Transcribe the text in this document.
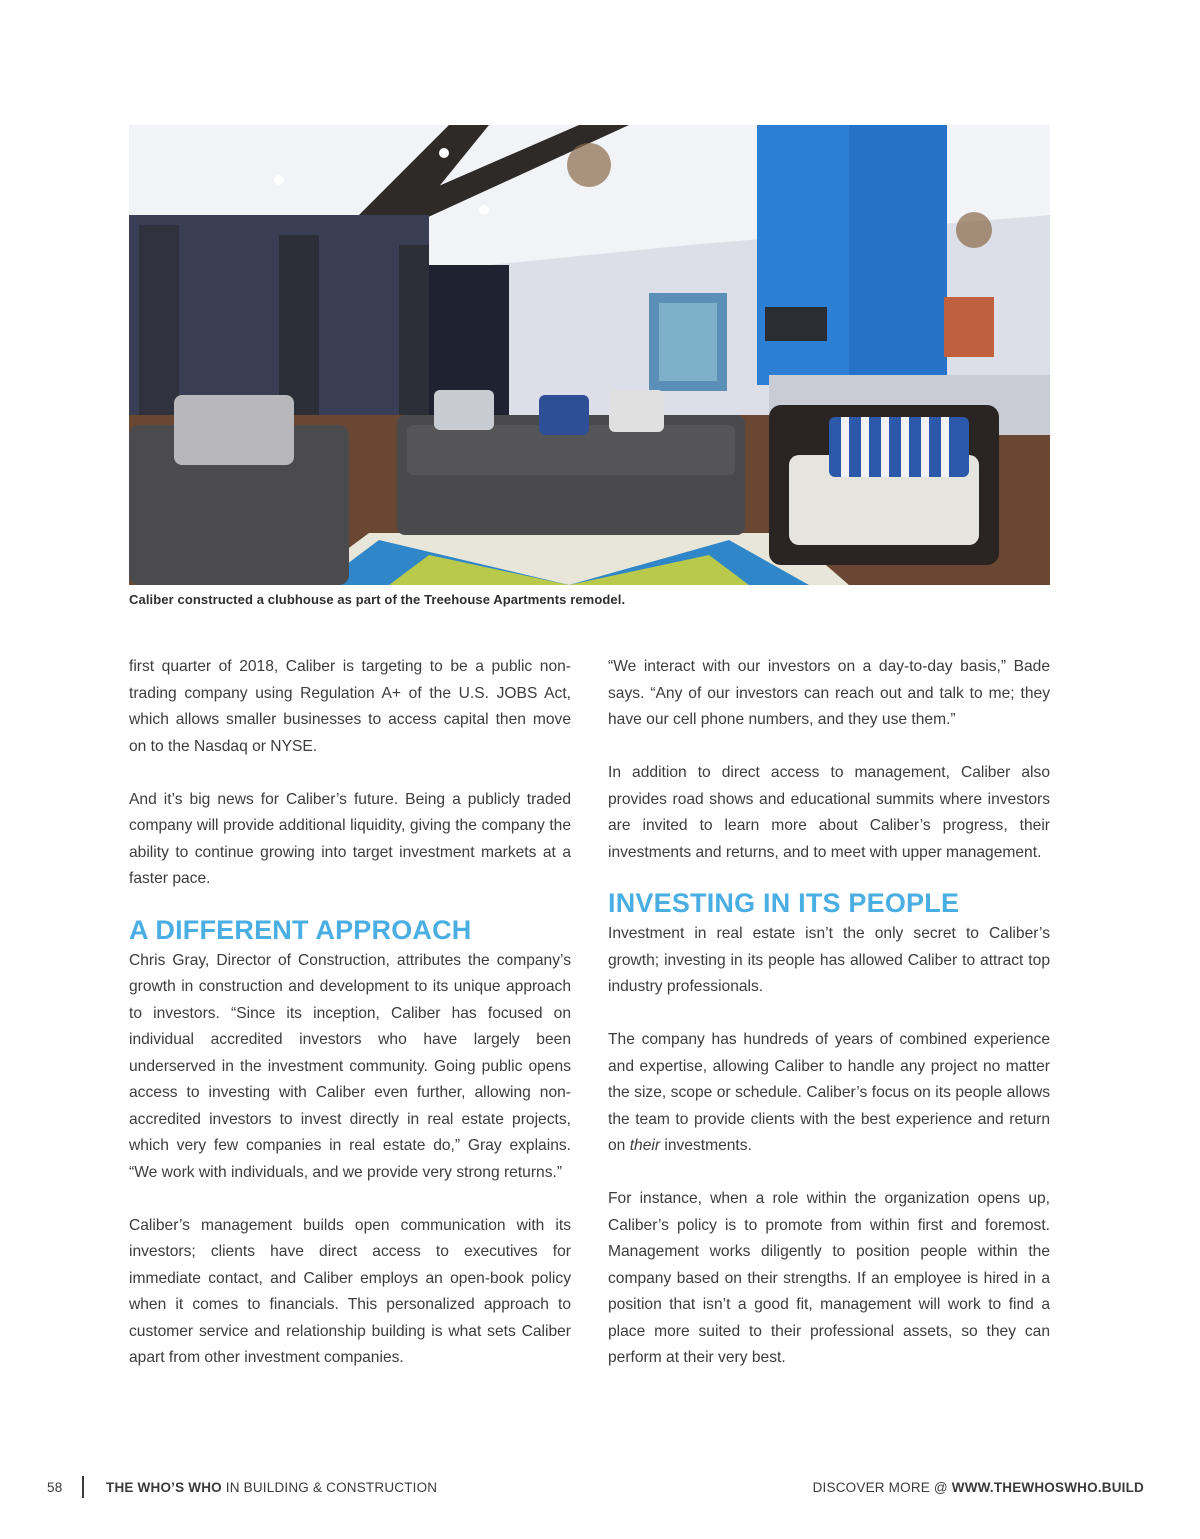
Caliber constructed a clubhouse as part of the Treehouse Apartments remodel.

first quarter of 2018, Caliber is targeting to be a public non-trading company using Regulation A+ of the U.S. JOBS Act, which allows smaller businesses to access capital then move on to the Nasdaq or NYSE.

And it’s big news for Caliber’s future. Being a publicly traded company will provide additional liquidity, giving the company the ability to continue growing into target investment markets at a faster pace.

A DIFFERENT APPROACH

Chris Gray, Director of Construction, attributes the company’s growth in construction and development to its unique approach to investors. “Since its inception, Caliber has focused on individual accredited investors who have largely been underserved in the investment community. Going public opens access to investing with Caliber even further, allowing non-accredited investors to invest directly in real estate projects, which very few companies in real estate do,” Gray explains. “We work with individuals, and we provide very strong returns.”

Caliber’s management builds open communication with its investors; clients have direct access to executives for immediate contact, and Caliber employs an open-book policy when it comes to financials. This personalized approach to customer service and relationship building is what sets Caliber apart from other investment companies.

“We interact with our investors on a day-to-day basis,” Bade says. “Any of our investors can reach out and talk to me; they have our cell phone numbers, and they use them.”

In addition to direct access to management, Caliber also provides road shows and educational summits where investors are invited to learn more about Caliber’s progress, their investments and returns, and to meet with upper management.

INVESTING IN ITS PEOPLE

Investment in real estate isn’t the only secret to Caliber’s growth; investing in its people has allowed Caliber to attract top industry professionals.

The company has hundreds of years of combined experience and expertise, allowing Caliber to handle any project no matter the size, scope or schedule. Caliber’s focus on its people allows the team to provide clients with the best experience and return on their investments.

For instance, when a role within the organization opens up, Caliber’s policy is to promote from within first and foremost. Management works diligently to position people within the company based on their strengths. If an employee is hired in a position that isn’t a good fit, management will work to find a place more suited to their professional assets, so they can perform at their very best.

58	THE WHO’S WHO IN BUILDING & CONSTRUCTION	DISCOVER MORE @ WWW.THEWHOSWHO.BUILD
